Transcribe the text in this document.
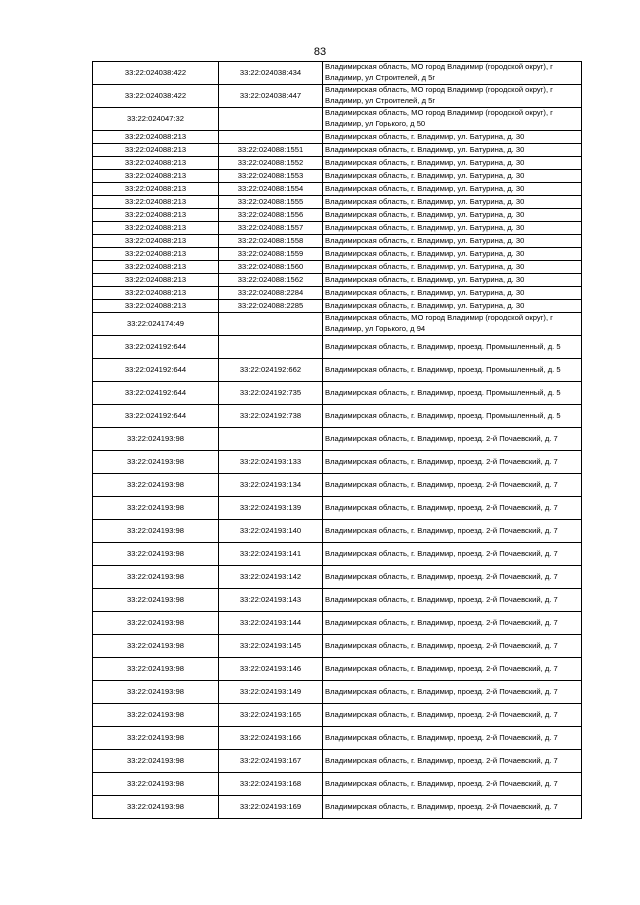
83
33:22:024038:422	33:22:024038:434	Владимирская область, МО город Владимир (городской округ), г Владимир, ул Строителей, д 5г
33:22:024038:422	33:22:024038:447	Владимирская область, МО город Владимир (городской округ), г Владимир, ул Строителей, д 5г
33:22:024047:32		Владимирская область, МО город Владимир (городской округ), г Владимир, ул Горького, д 50
33:22:024088:213		Владимирская область, г. Владимир, ул. Батурина, д. 30
33:22:024088:213	33:22:024088:1551	Владимирская область, г. Владимир, ул. Батурина, д. 30
33:22:024088:213	33:22:024088:1552	Владимирская область, г. Владимир, ул. Батурина, д. 30
33:22:024088:213	33:22:024088:1553	Владимирская область, г. Владимир, ул. Батурина, д. 30
33:22:024088:213	33:22:024088:1554	Владимирская область, г. Владимир, ул. Батурина, д. 30
33:22:024088:213	33:22:024088:1555	Владимирская область, г. Владимир, ул. Батурина, д. 30
33:22:024088:213	33:22:024088:1556	Владимирская область, г. Владимир, ул. Батурина, д. 30
33:22:024088:213	33:22:024088:1557	Владимирская область, г. Владимир, ул. Батурина, д. 30
33:22:024088:213	33:22:024088:1558	Владимирская область, г. Владимир, ул. Батурина, д. 30
33:22:024088:213	33:22:024088:1559	Владимирская область, г. Владимир, ул. Батурина, д. 30
33:22:024088:213	33:22:024088:1560	Владимирская область, г. Владимир, ул. Батурина, д. 30
33:22:024088:213	33:22:024088:1562	Владимирская область, г. Владимир, ул. Батурина, д. 30
33:22:024088:213	33:22:024088:2284	Владимирская область, г. Владимир, ул. Батурина, д. 30
33:22:024088:213	33:22:024088:2285	Владимирская область, г. Владимир, ул. Батурина, д. 30
33:22:024174:49		Владимирская область, МО город Владимир (городской округ), г Владимир, ул Горького, д 94
33:22:024192:644		Владимирская область, г. Владимир, проезд. Промышленный, д. 5
33:22:024192:644	33:22:024192:662	Владимирская область, г. Владимир, проезд. Промышленный, д. 5
33:22:024192:644	33:22:024192:735	Владимирская область, г. Владимир, проезд. Промышленный, д. 5
33:22:024192:644	33:22:024192:738	Владимирская область, г. Владимир, проезд. Промышленный, д. 5
33:22:024193:98		Владимирская область, г. Владимир, проезд. 2-й Почаевский, д. 7
33:22:024193:98	33:22:024193:133	Владимирская область, г. Владимир, проезд. 2-й Почаевский, д. 7
33:22:024193:98	33:22:024193:134	Владимирская область, г. Владимир, проезд. 2-й Почаевский, д. 7
33:22:024193:98	33:22:024193:139	Владимирская область, г. Владимир, проезд. 2-й Почаевский, д. 7
33:22:024193:98	33:22:024193:140	Владимирская область, г. Владимир, проезд. 2-й Почаевский, д. 7
33:22:024193:98	33:22:024193:141	Владимирская область, г. Владимир, проезд. 2-й Почаевский, д. 7
33:22:024193:98	33:22:024193:142	Владимирская область, г. Владимир, проезд. 2-й Почаевский, д. 7
33:22:024193:98	33:22:024193:143	Владимирская область, г. Владимир, проезд. 2-й Почаевский, д. 7
33:22:024193:98	33:22:024193:144	Владимирская область, г. Владимир, проезд. 2-й Почаевский, д. 7
33:22:024193:98	33:22:024193:145	Владимирская область, г. Владимир, проезд. 2-й Почаевский, д. 7
33:22:024193:98	33:22:024193:146	Владимирская область, г. Владимир, проезд. 2-й Почаевский, д. 7
33:22:024193:98	33:22:024193:149	Владимирская область, г. Владимир, проезд. 2-й Почаевский, д. 7
33:22:024193:98	33:22:024193:165	Владимирская область, г. Владимир, проезд. 2-й Почаевский, д. 7
33:22:024193:98	33:22:024193:166	Владимирская область, г. Владимир, проезд. 2-й Почаевский, д. 7
33:22:024193:98	33:22:024193:167	Владимирская область, г. Владимир, проезд. 2-й Почаевский, д. 7
33:22:024193:98	33:22:024193:168	Владимирская область, г. Владимир, проезд. 2-й Почаевский, д. 7
33:22:024193:98	33:22:024193:169	Владимирская область, г. Владимир, проезд. 2-й Почаевский, д. 7
